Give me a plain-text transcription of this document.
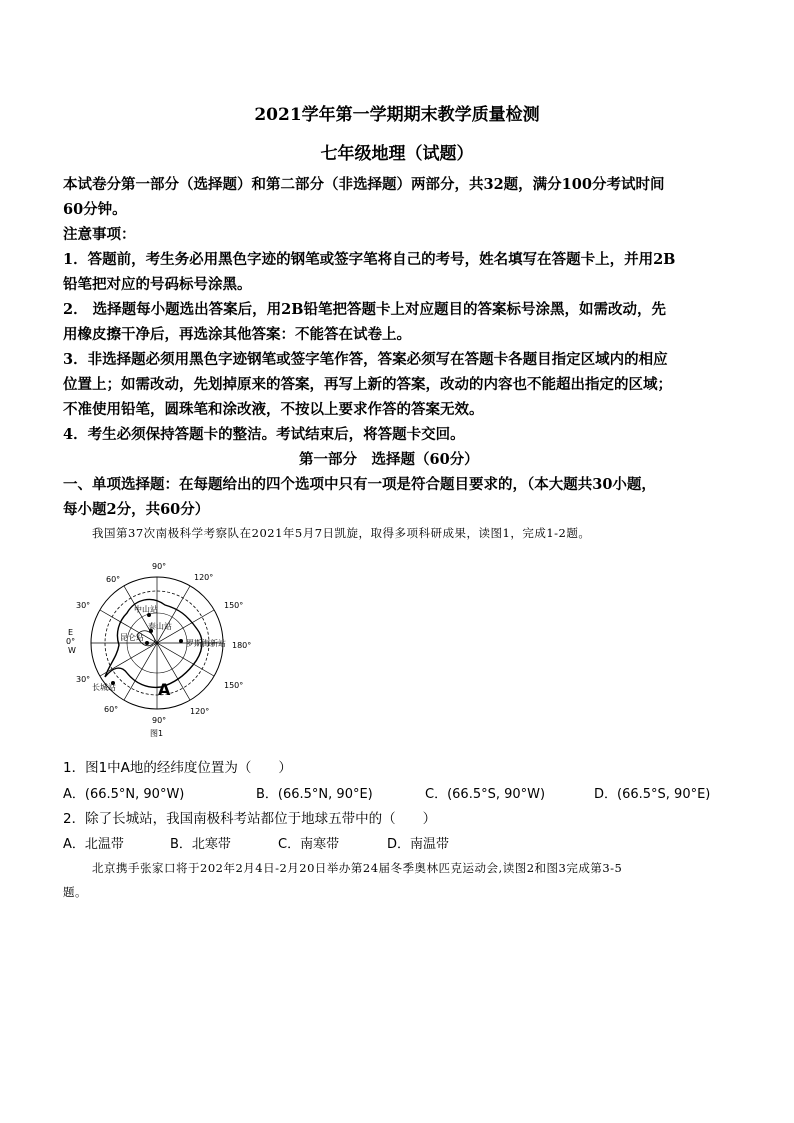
2021学年第一学期期末教学质量检测
七年级地理（试题）
本试卷分第一部分（选择题）和第二部分（非选择题）两部分，共32题，满分100分考试时间
60分钟。
注意事项：
1．答题前，考生务必用黑色字迹的钢笔或签字笔将自己的考号，姓名填写在答题卡上，并用2B
铅笔把对应的号码标号涂黑。
2． 选择题每小题选出答案后，用2B铅笔把答题卡上对应题目的答案标号涂黑，如需改动，先
用橡皮擦干净后，再选涂其他答案：不能答在试卷上。
3．非选择题必须用黑色字迹钢笔或签字笔作答，答案必须写在答题卡各题目指定区域内的相应
位置上；如需改动，先划掉原来的答案，再写上新的答案，改动的内容也不能超出指定的区域；
不准使用铅笔，圆珠笔和涂改液，不按以上要求作答的答案无效。
4．考生必须保持答题卡的整洁。考试结束后，将答题卡交回。
第一部分　选择题（60分）
一、单项选择题：在每题给出的四个选项中只有一项是符合题目要求的，（本大题共30小题，
每小题2分，共60分）
我国第37次南极科学考察队在2021年5月7日凯旋，取得多项科研成果，读图1，完成1-2题。
90°
90°
60°	120°
30°	150°
E
0°
W
180°
30°
150°
60°	120°
中山站
泰山站
昆仑站
罗斯海新站
长城站	A
图1
1．图1中A地的经纬度位置为（　　）
A．(66.5°N, 90°W)	B．(66.5°N, 90°E)	C．(66.5°S, 90°W)	D．(66.5°S, 90°E)
2．除了长城站，我国南极科考站都位于地球五带中的（　　）
A．北温带	B．北寒带	C．南寒带	D．南温带
北京携手张家口将于202年2月4日-2月20日举办第24届冬季奥林匹克运动会,读图2和图3完成第3-5
题。
